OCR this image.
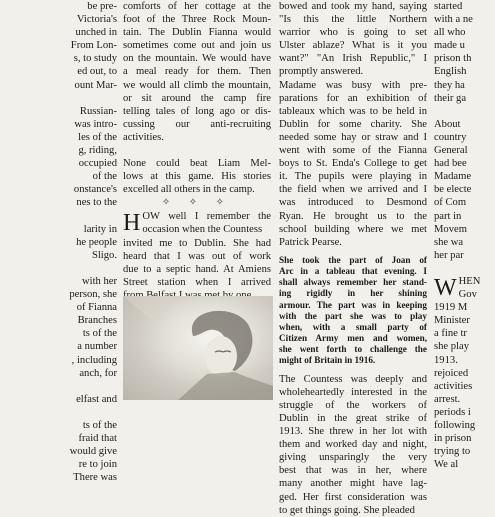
be pre-
Victoria's
unched in
From Lon-
s, to study
ed out, to
ount Mar-

Russian-
was intro-
les of the
g, riding,
occupied
of the
onstance's
nes to the

larity in
he people
Sligo.

with her
person, she
of Fianna
Branches
ts of the
a number
, including
anch, for

elfast and

ts of the
fraid that
would give
re to join
There was
comforts of her cottage at the
foot of the Three Rock Moun-
tain. The Dublin Fianna would
sometimes come out and join us
on the mountain. We would have
a meal ready for them. Then
we would all climb the mountain,
or sit around the camp fire
telling tales of long ago or dis-
cussing our anti-recruiting
activities.
None could beat Liam Mel-
lows at this game. His stories
excelled all others in the camp.
✧ ✧ ✧
H OW well I remember the
occasion when the Countess
invited me to Dublin. She had
heard that I was out of work
due to a septic hand. At Amiens
Street station when I arrived
bowed and took my hand, saying
"Is this the little Northern
warrior who is going to set
Ulster ablaze? What is it you
want?" "An Irish Republic," I
promptly answered.
Madame was busy with pre-
parations for an exhibition of
tableaux which was to be held in
Dublin for some charity. She
needed some hay or straw and I
went with some of the Fianna
boys to St. Enda's College to get
it. The pupils were playing in
the field when we arrived and I
was introduced to Desmond
Ryan. He brought us to the
school building where we met
Patrick Pearse.
She took the part of Joan of
Arc in a tableau that evening. I
shall always remember her stand-
ing rigidly in her shining
armour. The part was in keeping
with the part she was to play
when, with a small party of
Citizen Army men and women,
she went forth to challenge the
might of Britain in 1916.
The Countess was deeply and
wholeheartedly interested in the
struggle of the workers of
Dublin in the great strike of
1913. She threw in her lot with
them and worked day and night,
giving unsparingly the very
best that was in her, where
many another might have lag-
ged. Her first consideration was
to get things going. She pleaded
started
with a ne
all who
made u
prison th
English
they ha
their ga

About
country
General
had bee
Madame
be electe
of Com
part in
Movem
she wa
her par

W HEN
Gov
1919 M
Minister
a fine tr
she play
1913.
rejoiced
activities
arrest.
periods i
following
in prison
trying to
We al
